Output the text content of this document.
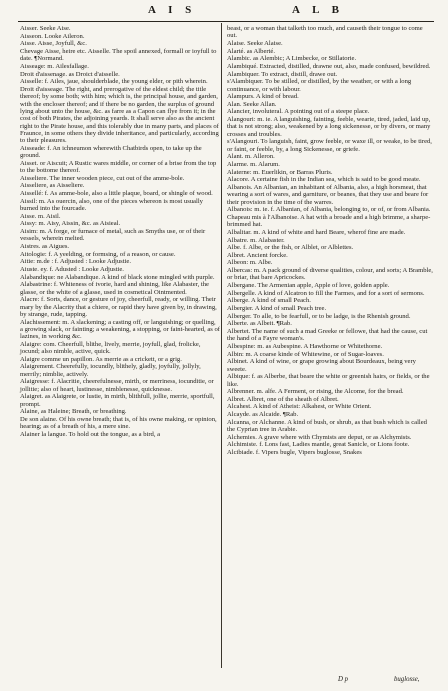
A I S	A L B
Aisser. Seeke Aise.
Aisseon. Looke Aileron.
Aisse. Aisse, Joyfull, &c.
Chevage Aisse, heire etc. Aisselle. The spoil annexed, formall or ioyfull to date. ¶Normand.
Aisseage: m. Ailesfallage.
Droit d'aissenage. as Droict d'aisselle.
Aisselle: f. Ailes, jaue, shoulderblade, the young elder, or pith wherein.
Droit d'aisseage. The right, and prerogative of the eldest child; the title thereof; by some both; with him; which is, the principal house, and garden, with the encloser thereof; and if there be no garden, the surplus of ground lying about unto the house, &c. as farre as a Capon can flye from it; in the cost of both Pirates, the adjoining yeards. It shall serve also as the ancient right to the Pirate house, and this tolerably due in many parts, and places of Fraunce, in some others they divide inheritance, and particularly, according to their pleasures.
Aisseade: f. An ichneumon wherewith Chatbirds open, to take up the ground.
Aisset. or Aiscuit; A Rustic wares middle, or corner of a brise from the top to the bottome thereof.
Aisseliere. The inner wooden piece, cut out of the amme-bole.
Aisseliere, as Aisseliere.
Aissellé: f. As amme-bole, also a little plaque, board, or shingle of wood.
Aissil: m. As ouercin, also, one of the pieces whereon is most usually burned into the fourcade.
Aisse. m. Aisil.
Aissy: m. Aisy, Aissin, &c. as Aisieal.
Aisim: m. A forge, or furnace of metal, such as Smyths use, or of their vessels, wherein melted.
Aistres. as Aigues.
Aitologie: f. A yeelding, or formsing, of a reason, or cause.
Aitie: m.de : f. Adjusted : Looke Adjustie.
Aiuste. ey. f. Adusted : Looke Adjustie.
Alabandique: ne Alabandique. A kind of black stone mingled with purple.
Alabastrine: f. Whiteness of ivorie, hard and shining, like Alabaster, the glasse, or the white of a glasse, used in cosmetical Ointmented.
Alacre: f. Sorts, dance, or gesture of joy, cheerfull, ready, or willing. Their mary by the Alacrity that a chiere, or rapid they have given by, in drawing, by strange, rude, tapping.
Alachissement: m. A slackening; a casting off, or languishing; or quelling, a growing slack, or fainting; a weakening, a stopping, or faint-hearted, as of lazines, in working &c.
Alaigre: com. Cheerfull, blithe, lively, merrie, joyfull, glad, frolicke, jocund; also nimble, active, quick.
Alaigre comme un papillon. As merrie as a crickett, or a grig.
Alaigrement. Cheerefully, iocundly, blithely, gladly, joyfully, jollyly, merrily; nimblie, actively.
Alaigresse: f. Alacritie, cheerefulnesse, mirth, or merriness, iocunditie, or jollitie; also of heart, lustinesse, nimblenesse, quicknesse.
Alaigret. as Alaigrete, or lustie, in mirth, blithfull, jollie, merrie, sportfull, prompt.
Alaine, as Haleine; Breath, or breathing.
De son alaine. Of his owne breath; that is, of his owne making, or opinion, hearing; as of a breath of his, a mere sine.
Alainer la langue. To hold out the tongue, as a bird, a
beast, or a woman that talketh too much, and causeth their tongue to come out.
Alaise. Seeke Alaise.
Alarté. as Alberté.
Alambic. as Alembic; A Limbecke, or Stillatorie.
Alambiqué. Extracted, distilled, drawne out, also, made confused, bewildred.
Alambiquer. To extract, distill, drawe out.
s'Alambiquer. To be stilled, or distilled, by the weather, or with a long continuance, or with labour.
Alampurs. A kind of bread.
Alan. Seeke Allan.
Alancier, involuteral. A pointing out of a steepe place.
Alangouri: m. ie. A languishing, fainting, feeble, wearie, tired, jaded, laid up, that is not strong; also, weakened by a long sickenesse, or by divers, or many crosses and troubles.
s'Alangouri. To languish, faint, grow feeble, or waxe ill, or weake, to be tired, or faint, or feeble, by, a long Sickenesse, or griefe.
Alant. m. Alleron.
Alarme. m. Alarum.
Alaterne: m. Euerlikin, or Barras Pluris.
Alacore. A certaine fish in the Indian sea, which is said to be good meate.
Albanois. An Albanian, an inhabitant of Albania, also, a high horsmeat, that wearing a sort of wares, and garniture, or beanes, that they use and beare for their provision in the time of the warres.
Albanois: m. ie. f. Albanian, of Albania, belonging to, or of, or from Albania.
Chapeau mis à l'Albanoise. A hat with a broade and a high brimme, a sharpe-brimmed hat.
Albalitar. m. A kind of white and hard Beare, wherof fine are made.
Albatre. m. Alabaster.
Albe. f. Albe, or the fish, or Alblet, or Alblettes.
Albret. Ancient forcke.
Albeon: m. Albe.
Albercas: m. A pack ground of diverse qualities, colour, and sorts; A Bramble, or briar, that bare Apricockes.
Albergane. The Armenian apple, Apple of love, golden apple.
Albergelle. A kind of Alcatron to fill the Farmes, and for a sort of sermons.
Alberge. A kind of small Peach.
Albergier. A kind of small Peach tree.
Alberger. To alle, to be fearfull, or to be ladge, is the Rhenish ground.
Alberte. as Albeit. ¶Rab.
Albertet. The name of such a mad Greeke or fellowe, that had the cause, cut the hand of a Fayre woman's.
Albespine: m. as Aubespine. A Hawthorne or Whitethorne.
Albin: m. A coarse kinde of Whitewine, or of Sugar-loaves.
Albinet. A kind of wine, or grape growing about Bourdeaux, being very sweete.
Albique: f. as Alberbe, that beare the white or greenish hairs, or fields, or the like.
Albrenner. m. alfe. A Ferment, or rising, the Alcome, for the bread.
Albret. Albret, one of the sheath of Albret.
Alcahest. A kind of Atheist: Alkahest, or White Orient.
Alcayde. as Alcaide. ¶Rab.
Alcanna, or Alchanne. A kind of bush, or shrub, as that bush which is called the Cyprian tree in Arabie.
Alchemies. A grave where with Chymists are deput, or as Alchymists.
Alchimiste. f. Lons fast, Ladies mantle, great Sanicle, or Lions foote.
Alcibiade. f. Vipers bugle, Vipers buglosse, Snakes
D p	buglosse,
